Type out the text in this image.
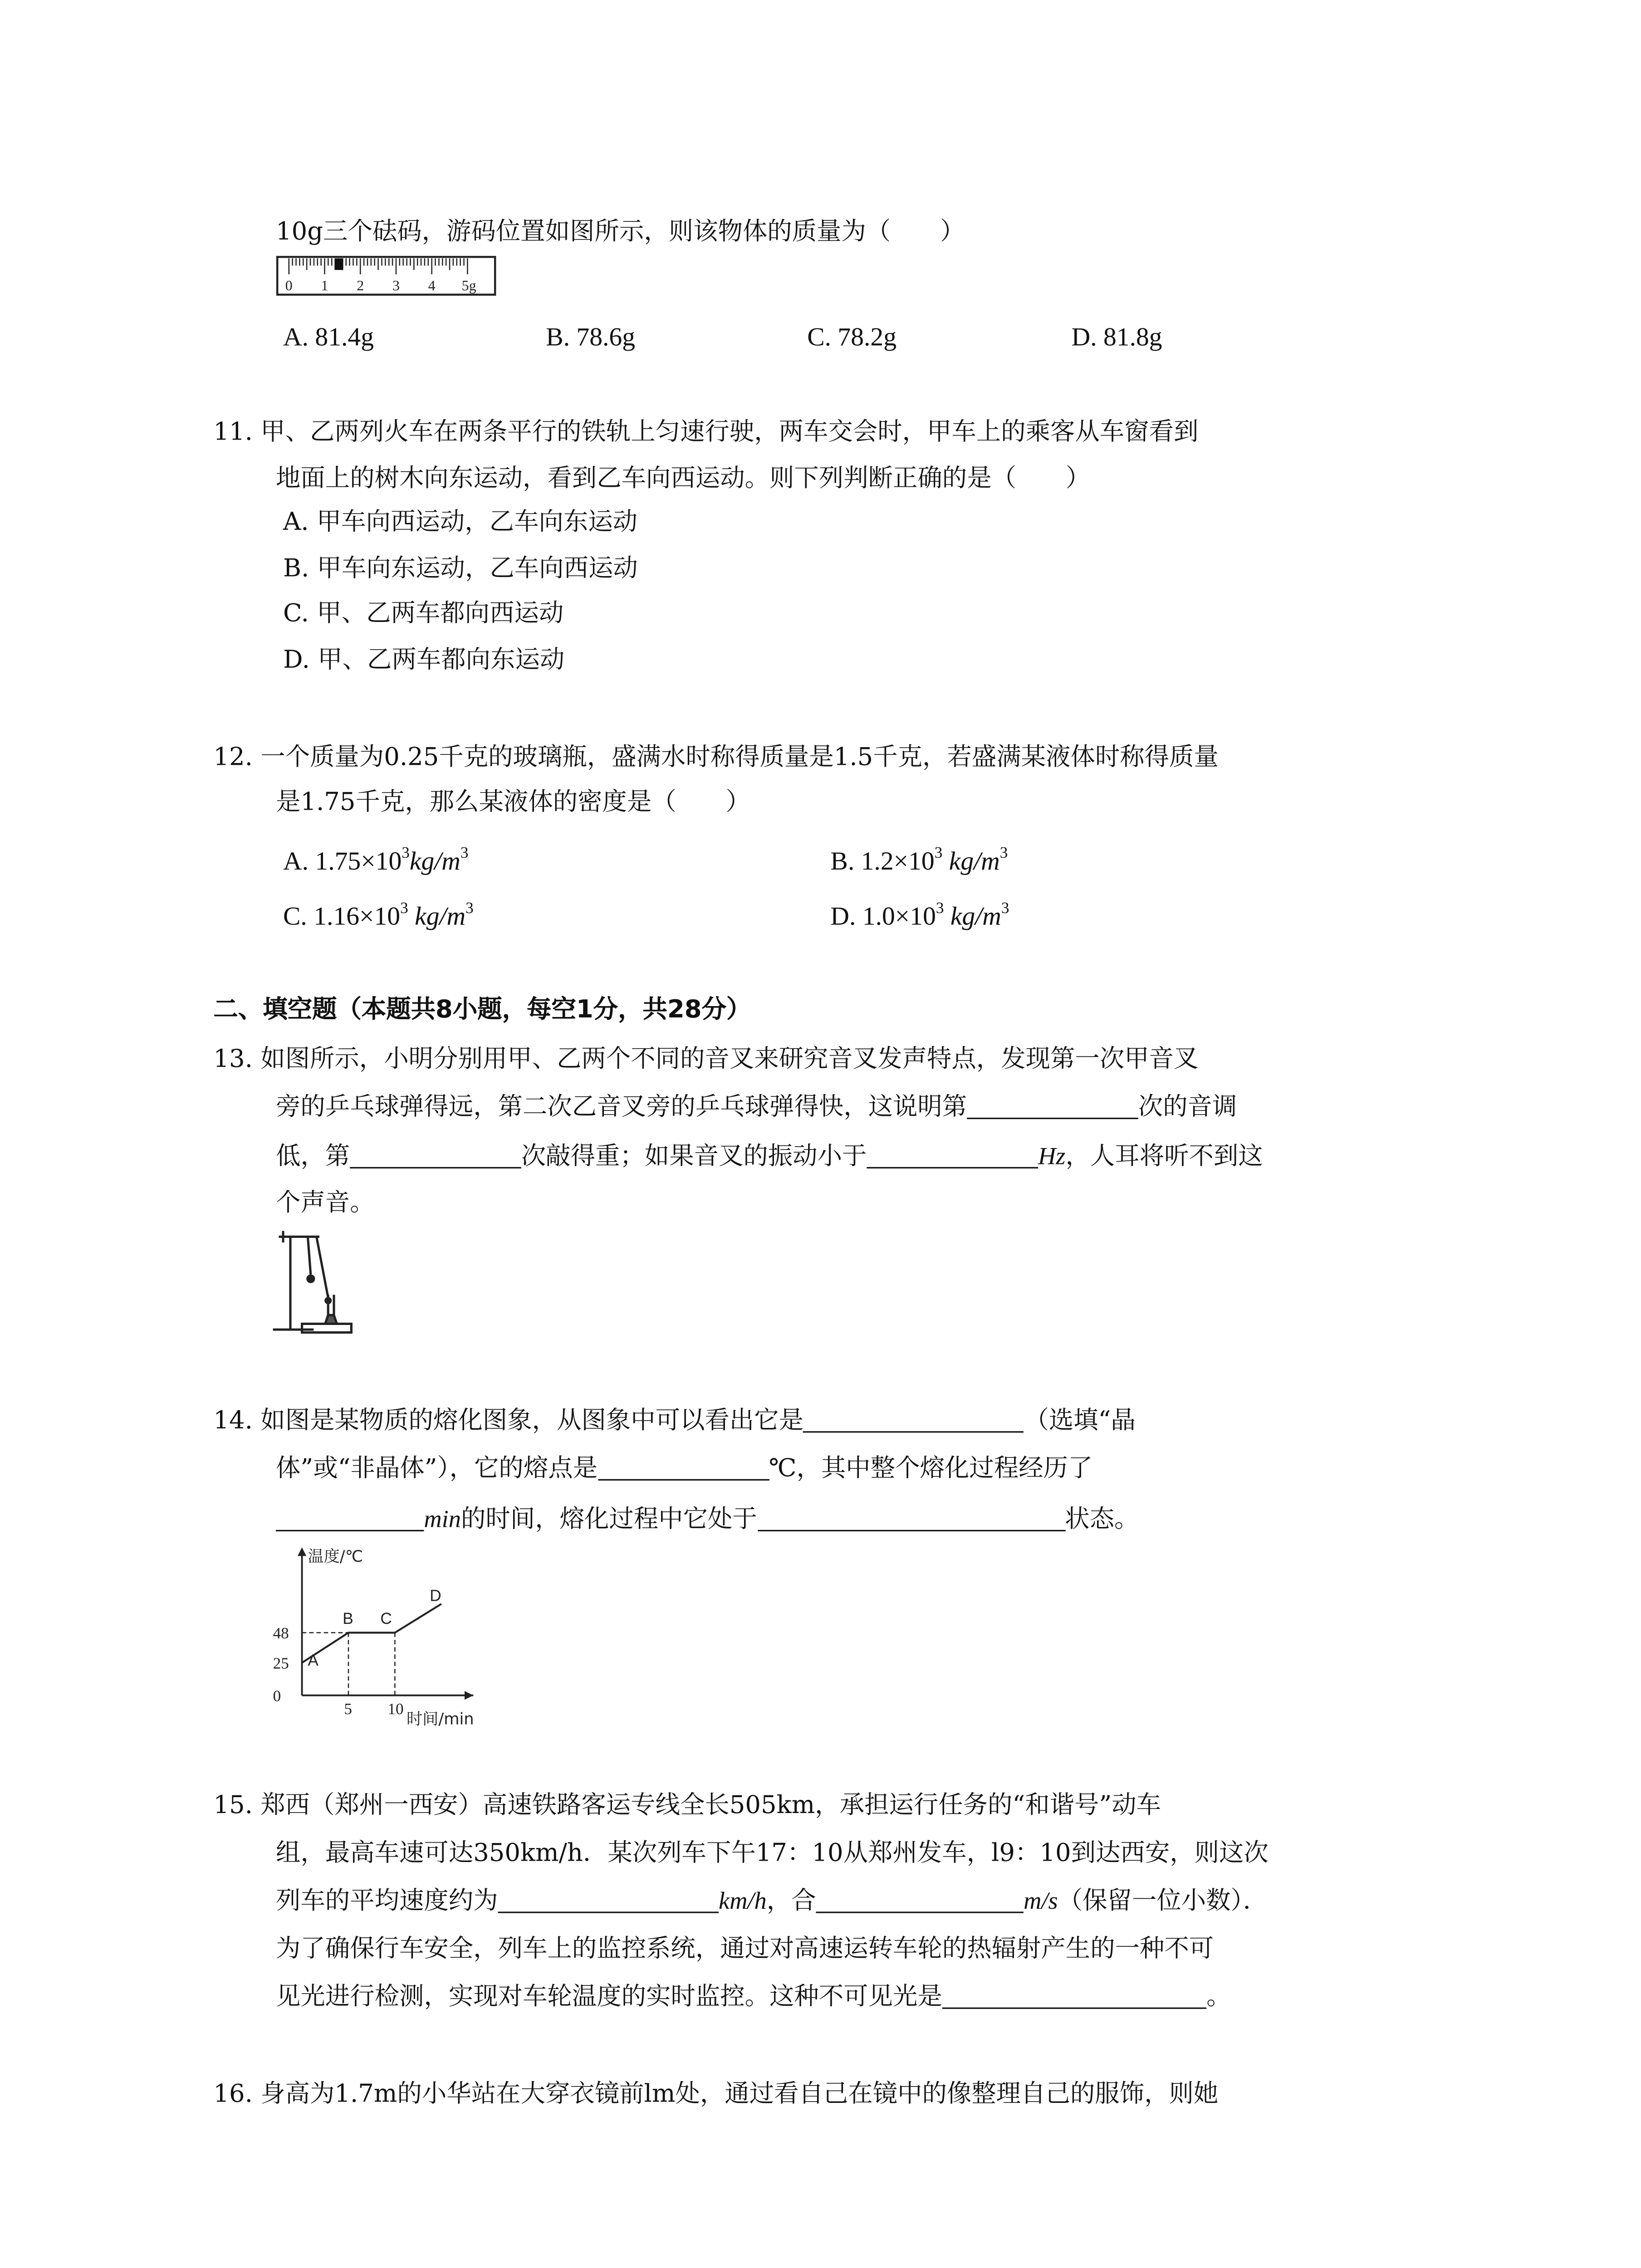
10g三个砝码，游码位置如图所示，则该物体的质量为（　　）
0	1	2	3	4	5g
A. 81.4g	B. 78.6g	C. 78.2g	D. 81.8g
11. 甲、乙两列火车在两条平行的铁轨上匀速行驶，两车交会时，甲车上的乘客从车窗看到
地面上的树木向东运动，看到乙车向西运动。则下列判断正确的是（　　）
A. 甲车向西运动，乙车向东运动
B. 甲车向东运动，乙车向西运动
C. 甲、乙两车都向西运动
D. 甲、乙两车都向东运动
12. 一个质量为0.25千克的玻璃瓶，盛满水时称得质量是1.5千克，若盛满某液体时称得质量
是1.75千克，那么某液体的密度是（　　）
A. $1.75\times 10^3kg/m^3$	B. $1.2\times 10^3$ $kg/m^3$
C. $1.16\times 10^3$ $kg/m^3$	D. $1.0\times 10^3$ $kg/m^3$
二、填空题（本题共8小题，每空1分，共28分）
13. 如图所示，小明分别用甲、乙两个不同的音叉来研究音叉发声特点，发现第一次甲音叉
旁的乒乓球弹得远，第二次乙音叉旁的乒乓球弹得快，这说明第	次的音调
低，第	次敲得重；如果音叉的振动小于	Hz，人耳将听不到这
个声音。
14. 如图是某物质的熔化图象，从图象中可以看出它是	（选填“晶
体”或“非晶体”），它的熔点是	℃，其中整个熔化过程经历了
min的时间，熔化过程中它处于	状态。
温度/℃
时间/min
0
25
48
5	10
A
B	C
D
15. 郑西（郑州一西安）高速铁路客运专线全长505km，承担运行任务的“和谐号”动车
组，最高车速可达350km/h．某次列车下午17：10从郑州发车，l9：10到达西安，则这次
列车的平均速度约为	km/h，合	m/s（保留一位小数）．
为了确保行车安全，列车上的监控系统，通过对高速运转车轮的热辐射产生的一种不可
见光进行检测，实现对车轮温度的实时监控。这种不可见光是	。
16. 身高为1.7m的小华站在大穿衣镜前lm处，通过看自己在镜中的像整理自己的服饰，则她
